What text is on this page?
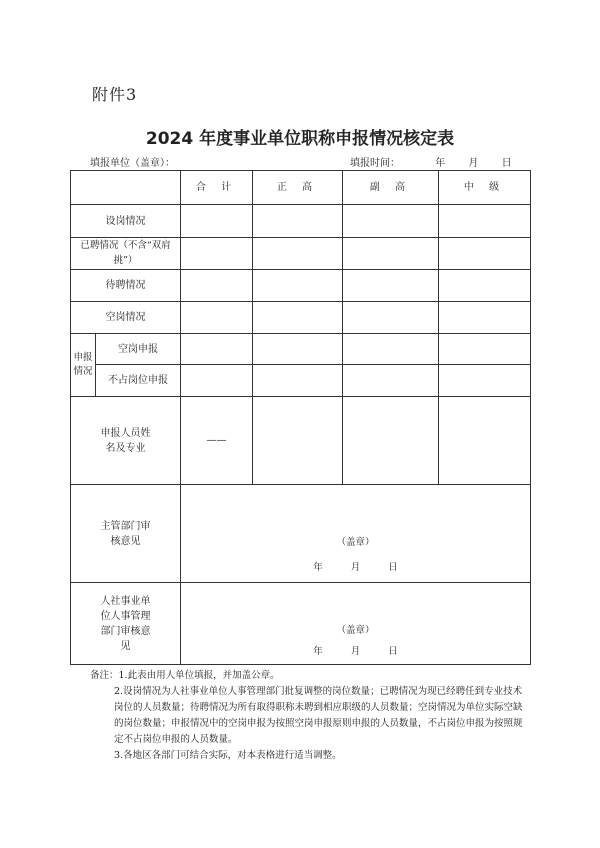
附件3
2024 年度事业单位职称申报情况核定表
填报单位（盖章）：	填报时间：	年 月 日
		合 计	正 高	副 高	中 级
设岗情况					
已聘情况（不含“双肩挑”）					
待聘情况					
空岗情况					
申报情况	空岗申报				
	不占岗位申报				
申报人员姓名及专业		——			
主管部门审核意见		（盖章）
年 月 日			
人社事业单位人事管理部门审核意见		（盖章）
年 月 日			

备注：1.此表由用人单位填报，并加盖公章。

2.设岗情况为人社事业单位人事管理部门批复调整的岗位数量；已聘情况为现已经聘任到专业技术岗位的人员数量；待聘情况为所有取得职称未聘到相应职级的人员数量；空岗情况为单位实际空缺的岗位数量；申报情况中的空岗申报为按照空岗申报原则申报的人员数量，不占岗位申报为按照规定不占岗位申报的人员数量。

3.各地区各部门可结合实际，对本表格进行适当调整。
